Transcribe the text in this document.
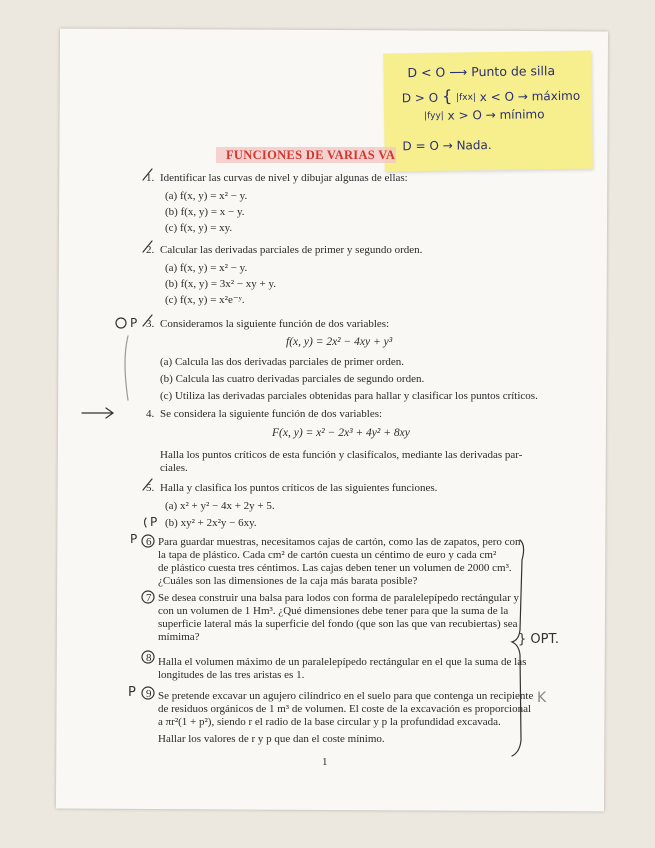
D < O ⟶ Punto de silla
D > O { |fxx| x < O → máximo
|fyy| x > O → mínimo
D = O → Nada.
FUNCIONES DE VARIAS VA
1. Identificar las curvas de nivel y dibujar algunas de ellas:
(a) f(x, y) = x² − y.
(b) f(x, y) = x − y.
(c) f(x, y) = xy.
2. Calcular las derivadas parciales de primer y segundo orden.
(a) f(x, y) = x² − y.
(b) f(x, y) = 3x² − xy + y.
(c) f(x, y) = x²e⁻ʸ.
3. Consideramos la siguiente función de dos variables:
f(x, y) = 2x² − 4xy + y³
(a) Calcula las dos derivadas parciales de primer orden.
(b) Calcula las cuatro derivadas parciales de segundo orden.
(c) Utiliza las derivadas parciales obtenidas para hallar y clasificar los puntos críticos.
4. Se considera la siguiente función de dos variables:
F(x, y) = x² − 2x³ + 4y² + 8xy
Halla los puntos críticos de esta función y clasifícalos, mediante las derivadas par-
ciales.
5. Halla y clasifica los puntos críticos de las siguientes funciones.
(a) x² + y² − 4x + 2y + 5.
(b) xy² + 2x²y − 6xy.
6 Para guardar muestras, necesitamos cajas de cartón, como las de zapatos, pero con
la tapa de plástico. Cada cm² de cartón cuesta un céntimo de euro y cada cm²
de plástico cuesta tres céntimos. Las cajas deben tener un volumen de 2000 cm³.
¿Cuáles son las dimensiones de la caja más barata posible?
7 Se desea construir una balsa para lodos con forma de paralelepípedo rectángular y
con un volumen de 1 Hm³. ¿Qué dimensiones debe tener para que la suma de la
superficie lateral más la superficie del fondo (que son las que van recubiertas) sea
mímima?
8 Halla el volumen máximo de un paralelepípedo rectángular en el que la suma de las
longitudes de las tres aristas es 1.
9 Se pretende excavar un agujero cilíndrico en el suelo para que contenga un recipiente
de residuos orgánicos de 1 m³ de volumen. El coste de la excavación es proporcional
a πr²(1 + p²), siendo r el radio de la base circular y p la profundidad excavada.
Hallar los valores de r y p que dan el coste mínimo.
} OPT.
P
P
P
P	K
1
